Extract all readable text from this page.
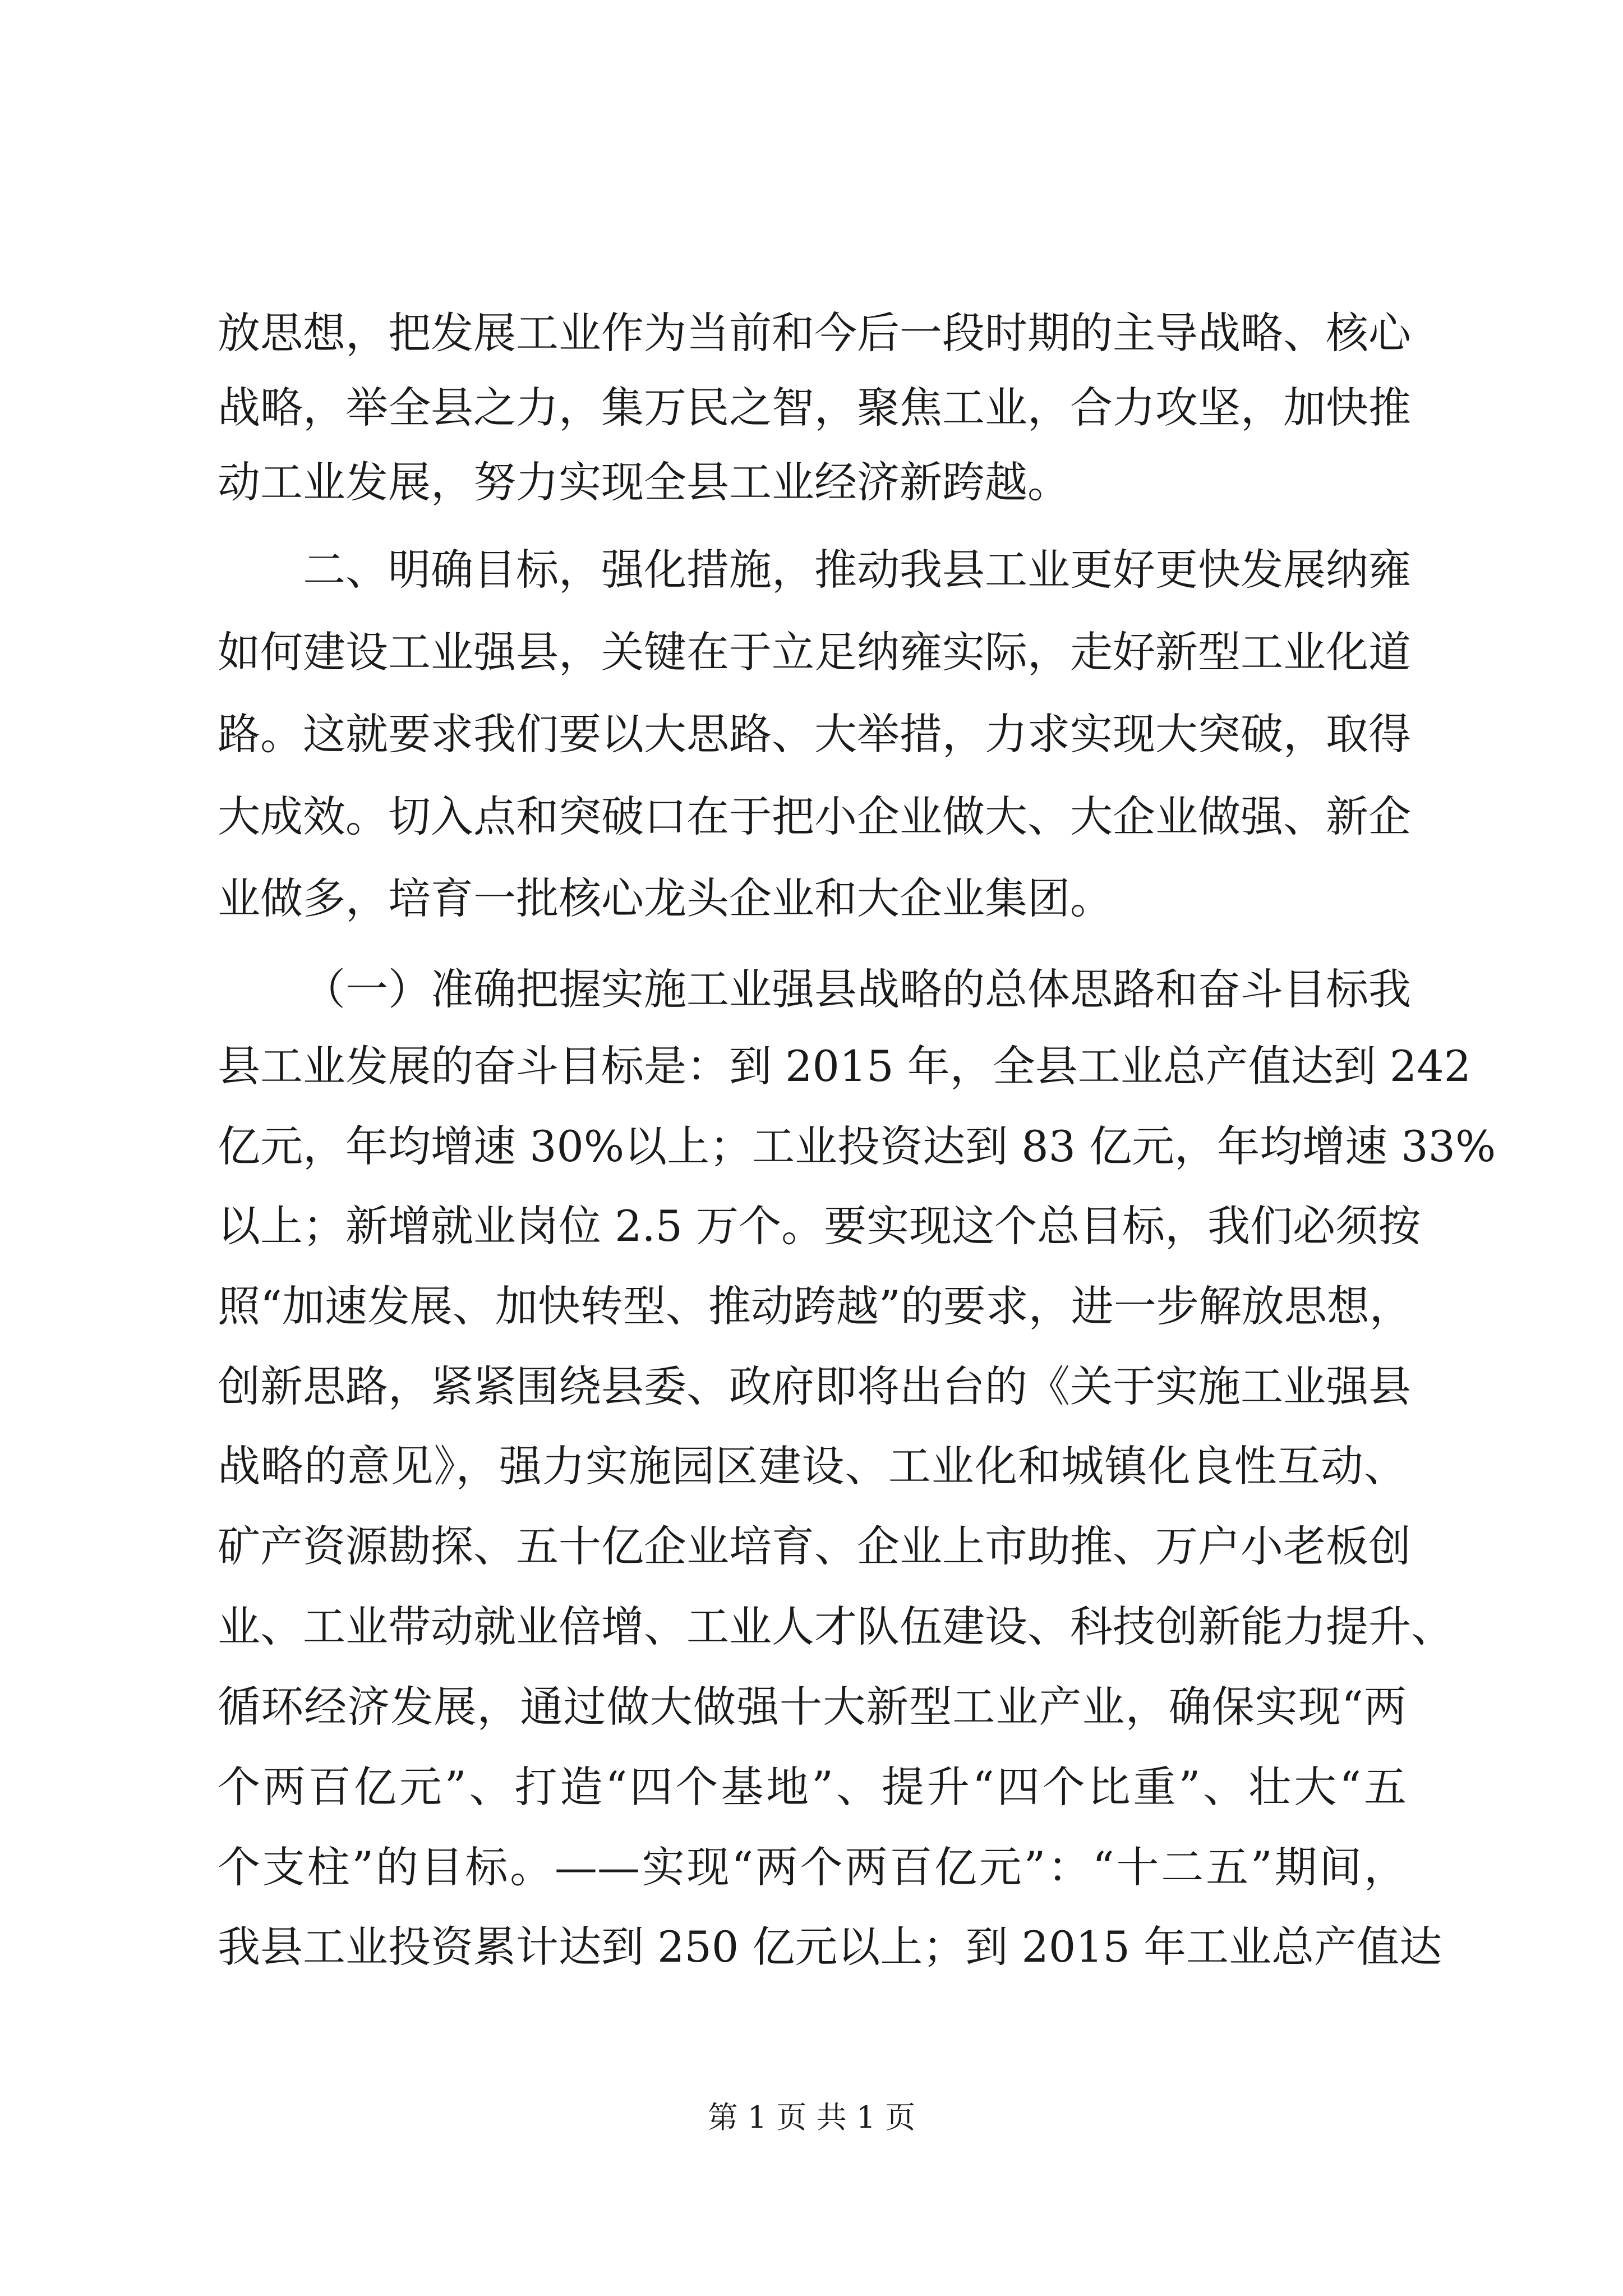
放思想，把发展工业作为当前和今后一段时期的主导战略、核心
战略，举全县之力，集万民之智，聚焦工业，合力攻坚，加快推
动工业发展，努力实现全县工业经济新跨越。
二、明确目标，强化措施，推动我县工业更好更快发展纳雍
如何建设工业强县，关键在于立足纳雍实际，走好新型工业化道
路。这就要求我们要以大思路、大举措，力求实现大突破，取得
大成效。切入点和突破口在于把小企业做大、大企业做强、新企
业做多，培育一批核心龙头企业和大企业集团。
（一）准确把握实施工业强县战略的总体思路和奋斗目标我
县工业发展的奋斗目标是：到 2015 年，全县工业总产值达到 242
亿元，年均增速 30%以上；工业投资达到 83 亿元，年均增速 33%
以上；新增就业岗位 2.5 万个。要实现这个总目标，我们必须按
照“加速发展、加快转型、推动跨越”的要求，进一步解放思想，
创新思路，紧紧围绕县委、政府即将出台的《关于实施工业强县
战略的意见》，强力实施园区建设、工业化和城镇化良性互动、
矿产资源勘探、五十亿企业培育、企业上市助推、万户小老板创
业、工业带动就业倍增、工业人才队伍建设、科技创新能力提升、
循环经济发展，通过做大做强十大新型工业产业，确保实现“两
个两百亿元”、打造“四个基地”、提升“四个比重”、壮大“五
个支柱”的目标。——实现“两个两百亿元”：“十二五”期间，
我县工业投资累计达到 250 亿元以上；到 2015 年工业总产值达
第 1 页 共 1 页
